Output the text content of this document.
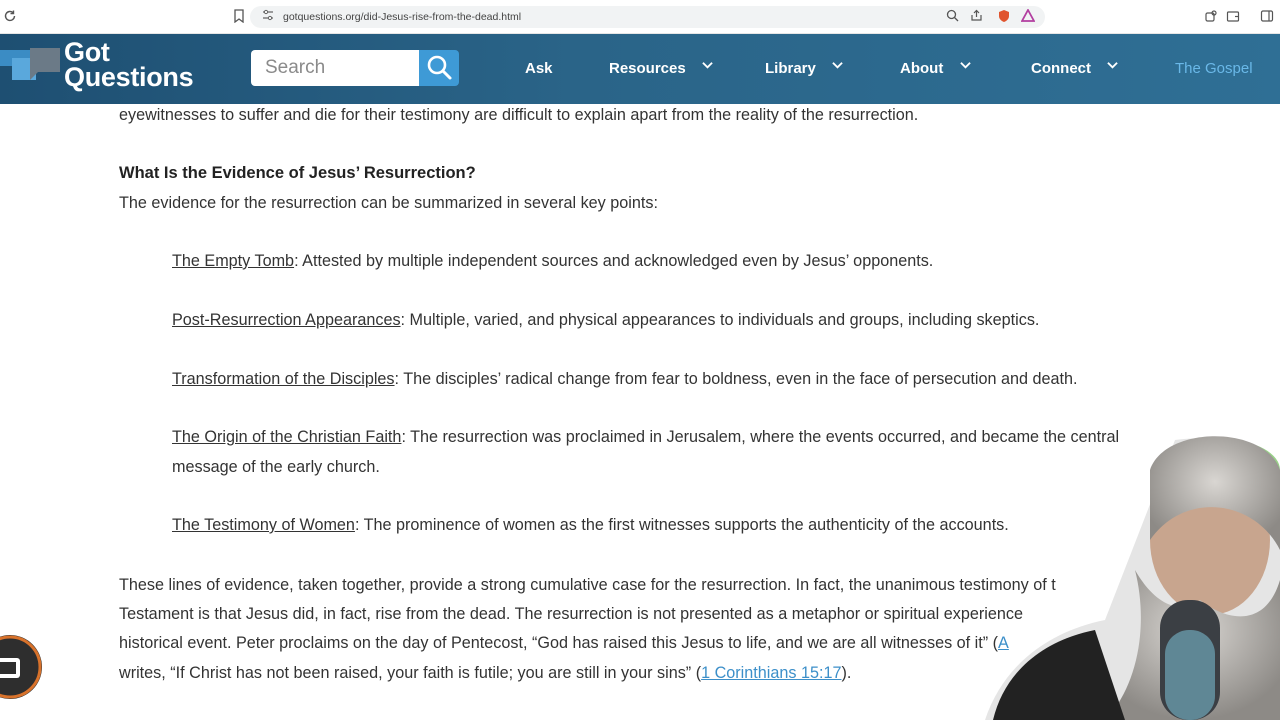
gotquestions.org/did-Jesus-rise-from-the-dead.html
Got
Questions
Search	Ask	Resources	Library	About	Connect	The Gospel
eyewitnesses to suffer and die for their testimony are difficult to explain apart from the reality of the resurrection.
What Is the Evidence of Jesus’ Resurrection?
The evidence for the resurrection can be summarized in several key points:
The Empty Tomb: Attested by multiple independent sources and acknowledged even by Jesus’ opponents.
Post-Resurrection Appearances: Multiple, varied, and physical appearances to individuals and groups, including skeptics.
Transformation of the Disciples: The disciples’ radical change from fear to boldness, even in the face of persecution and death.
The Origin of the Christian Faith: The resurrection was proclaimed in Jerusalem, where the events occurred, and became the central message of the early church.
The Testimony of Women: The prominence of women as the first witnesses supports the authenticity of the accounts.
These lines of evidence, taken together, provide a strong cumulative case for the resurrection. In fact, the unanimous testimony of t
Testament is that Jesus did, in fact, rise from the dead. The resurrection is not presented as a metaphor or spiritual experience
historical event. Peter proclaims on the day of Pentecost, “God has raised this Jesus to life, and we are all witnesses of it” (A
writes, “If Christ has not been raised, your faith is futile; you are still in your sins” (1 Corinthians 15:17).
